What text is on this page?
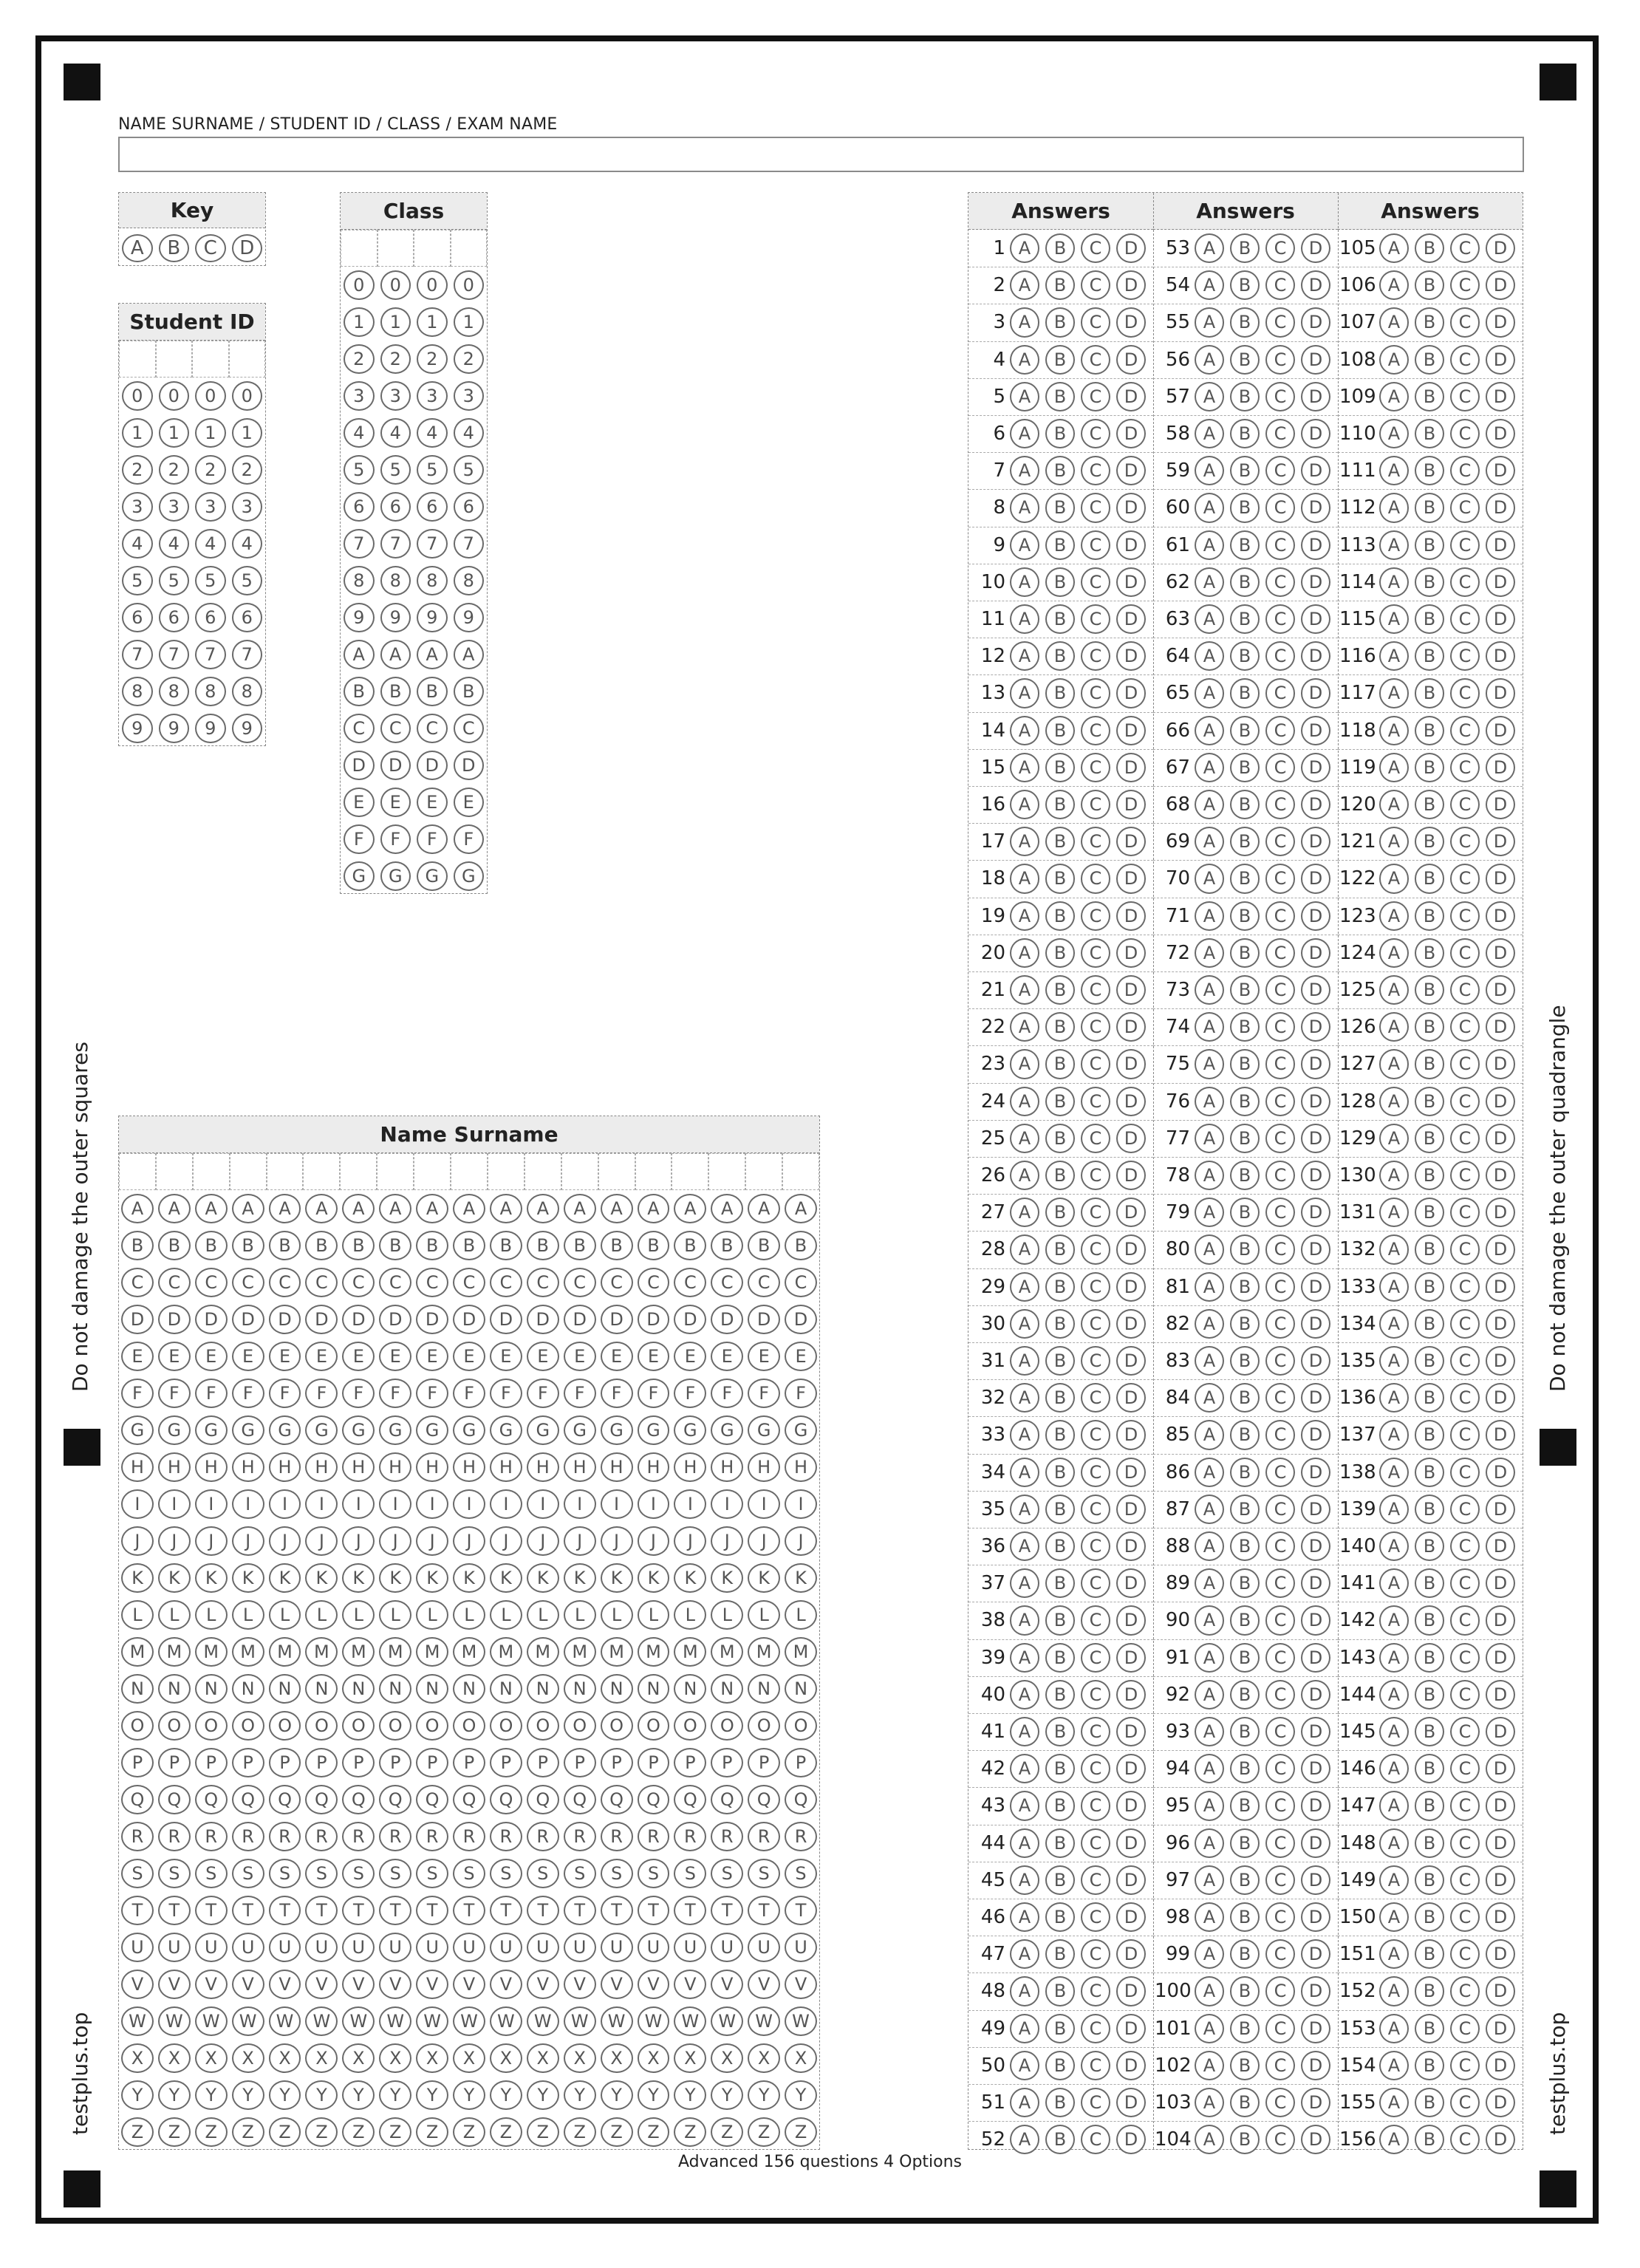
Do not damage the outer squares	Do not damage the outer quadrangle
testplus.top	testplus.top
NAME SURNAME / STUDENT ID / CLASS / EXAM NAME
Key
A	B	C	D
Student ID
0	0	0	0
1	1	1	1
2	2	2	2
3	3	3	3
4	4	4	4
5	5	5	5
6	6	6	6
7	7	7	7
8	8	8	8
9	9	9	9
Class
0	0	0	0
1	1	1	1
2	2	2	2
3	3	3	3
4	4	4	4
5	5	5	5
6	6	6	6
7	7	7	7
8	8	8	8
9	9	9	9
A	A	A	A
B	B	B	B
C	C	C	C
D	D	D	D
E	E	E	E
F	F	F	F
G	G	G	G
Name Surname
A	A	A	A	A	A	A	A	A	A	A	A	A	A	A	A	A	A	A
B	B	B	B	B	B	B	B	B	B	B	B	B	B	B	B	B	B	B
C	C	C	C	C	C	C	C	C	C	C	C	C	C	C	C	C	C	C
D	D	D	D	D	D	D	D	D	D	D	D	D	D	D	D	D	D	D
E	E	E	E	E	E	E	E	E	E	E	E	E	E	E	E	E	E	E
F	F	F	F	F	F	F	F	F	F	F	F	F	F	F	F	F	F	F
G	G	G	G	G	G	G	G	G	G	G	G	G	G	G	G	G	G	G
H	H	H	H	H	H	H	H	H	H	H	H	H	H	H	H	H	H	H
I	I	I	I	I	I	I	I	I	I	I	I	I	I	I	I	I	I	I
J	J	J	J	J	J	J	J	J	J	J	J	J	J	J	J	J	J	J
K	K	K	K	K	K	K	K	K	K	K	K	K	K	K	K	K	K	K
L	L	L	L	L	L	L	L	L	L	L	L	L	L	L	L	L	L	L
M	M	M	M	M	M	M	M	M	M	M	M	M	M	M	M	M	M	M
N	N	N	N	N	N	N	N	N	N	N	N	N	N	N	N	N	N	N
O	O	O	O	O	O	O	O	O	O	O	O	O	O	O	O	O	O	O
P	P	P	P	P	P	P	P	P	P	P	P	P	P	P	P	P	P	P
Q	Q	Q	Q	Q	Q	Q	Q	Q	Q	Q	Q	Q	Q	Q	Q	Q	Q	Q
R	R	R	R	R	R	R	R	R	R	R	R	R	R	R	R	R	R	R
S	S	S	S	S	S	S	S	S	S	S	S	S	S	S	S	S	S	S
T	T	T	T	T	T	T	T	T	T	T	T	T	T	T	T	T	T	T
U	U	U	U	U	U	U	U	U	U	U	U	U	U	U	U	U	U	U
V	V	V	V	V	V	V	V	V	V	V	V	V	V	V	V	V	V	V
W	W	W	W	W	W	W	W	W	W	W	W	W	W	W	W	W	W	W
X	X	X	X	X	X	X	X	X	X	X	X	X	X	X	X	X	X	X
Y	Y	Y	Y	Y	Y	Y	Y	Y	Y	Y	Y	Y	Y	Y	Y	Y	Y	Y
Z	Z	Z	Z	Z	Z	Z	Z	Z	Z	Z	Z	Z	Z	Z	Z	Z	Z	Z
Answers
1 A	B	C	D
2 A	B	C	D
3 A	B	C	D
4 A	B	C	D
5 A	B	C	D
6 A	B	C	D
7 A	B	C	D
8 A	B	C	D
9 A	B	C	D
10 A	B	C	D
11 A	B	C	D
12 A	B	C	D
13 A	B	C	D
14 A	B	C	D
15 A	B	C	D
16 A	B	C	D
17 A	B	C	D
18 A	B	C	D
19 A	B	C	D
20 A	B	C	D
21 A	B	C	D
22 A	B	C	D
23 A	B	C	D
24 A	B	C	D
25 A	B	C	D
26 A	B	C	D
27 A	B	C	D
28 A	B	C	D
29 A	B	C	D
30 A	B	C	D
31 A	B	C	D
32 A	B	C	D
33 A	B	C	D
34 A	B	C	D
35 A	B	C	D
36 A	B	C	D
37 A	B	C	D
38 A	B	C	D
39 A	B	C	D
40 A	B	C	D
41 A	B	C	D
42 A	B	C	D
43 A	B	C	D
44 A	B	C	D
45 A	B	C	D
46 A	B	C	D
47 A	B	C	D
48 A	B	C	D
49 A	B	C	D
50 A	B	C	D
51 A	B	C	D
52 A	B	C	D
Answers
53 A	B	C	D
54 A	B	C	D
55 A	B	C	D
56 A	B	C	D
57 A	B	C	D
58 A	B	C	D
59 A	B	C	D
60 A	B	C	D
61 A	B	C	D
62 A	B	C	D
63 A	B	C	D
64 A	B	C	D
65 A	B	C	D
66 A	B	C	D
67 A	B	C	D
68 A	B	C	D
69 A	B	C	D
70 A	B	C	D
71 A	B	C	D
72 A	B	C	D
73 A	B	C	D
74 A	B	C	D
75 A	B	C	D
76 A	B	C	D
77 A	B	C	D
78 A	B	C	D
79 A	B	C	D
80 A	B	C	D
81 A	B	C	D
82 A	B	C	D
83 A	B	C	D
84 A	B	C	D
85 A	B	C	D
86 A	B	C	D
87 A	B	C	D
88 A	B	C	D
89 A	B	C	D
90 A	B	C	D
91 A	B	C	D
92 A	B	C	D
93 A	B	C	D
94 A	B	C	D
95 A	B	C	D
96 A	B	C	D
97 A	B	C	D
98 A	B	C	D
99 A	B	C	D
100 A	B	C	D
101 A	B	C	D
102 A	B	C	D
103 A	B	C	D
104 A	B	C	D
Answers
105 A	B	C	D
106 A	B	C	D
107 A	B	C	D
108 A	B	C	D
109 A	B	C	D
110 A	B	C	D
111 A	B	C	D
112 A	B	C	D
113 A	B	C	D
114 A	B	C	D
115 A	B	C	D
116 A	B	C	D
117 A	B	C	D
118 A	B	C	D
119 A	B	C	D
120 A	B	C	D
121 A	B	C	D
122 A	B	C	D
123 A	B	C	D
124 A	B	C	D
125 A	B	C	D
126 A	B	C	D
127 A	B	C	D
128 A	B	C	D
129 A	B	C	D
130 A	B	C	D
131 A	B	C	D
132 A	B	C	D
133 A	B	C	D
134 A	B	C	D
135 A	B	C	D
136 A	B	C	D
137 A	B	C	D
138 A	B	C	D
139 A	B	C	D
140 A	B	C	D
141 A	B	C	D
142 A	B	C	D
143 A	B	C	D
144 A	B	C	D
145 A	B	C	D
146 A	B	C	D
147 A	B	C	D
148 A	B	C	D
149 A	B	C	D
150 A	B	C	D
151 A	B	C	D
152 A	B	C	D
153 A	B	C	D
154 A	B	C	D
155 A	B	C	D
156 A	B	C	D
Advanced 156 questions 4 Options
